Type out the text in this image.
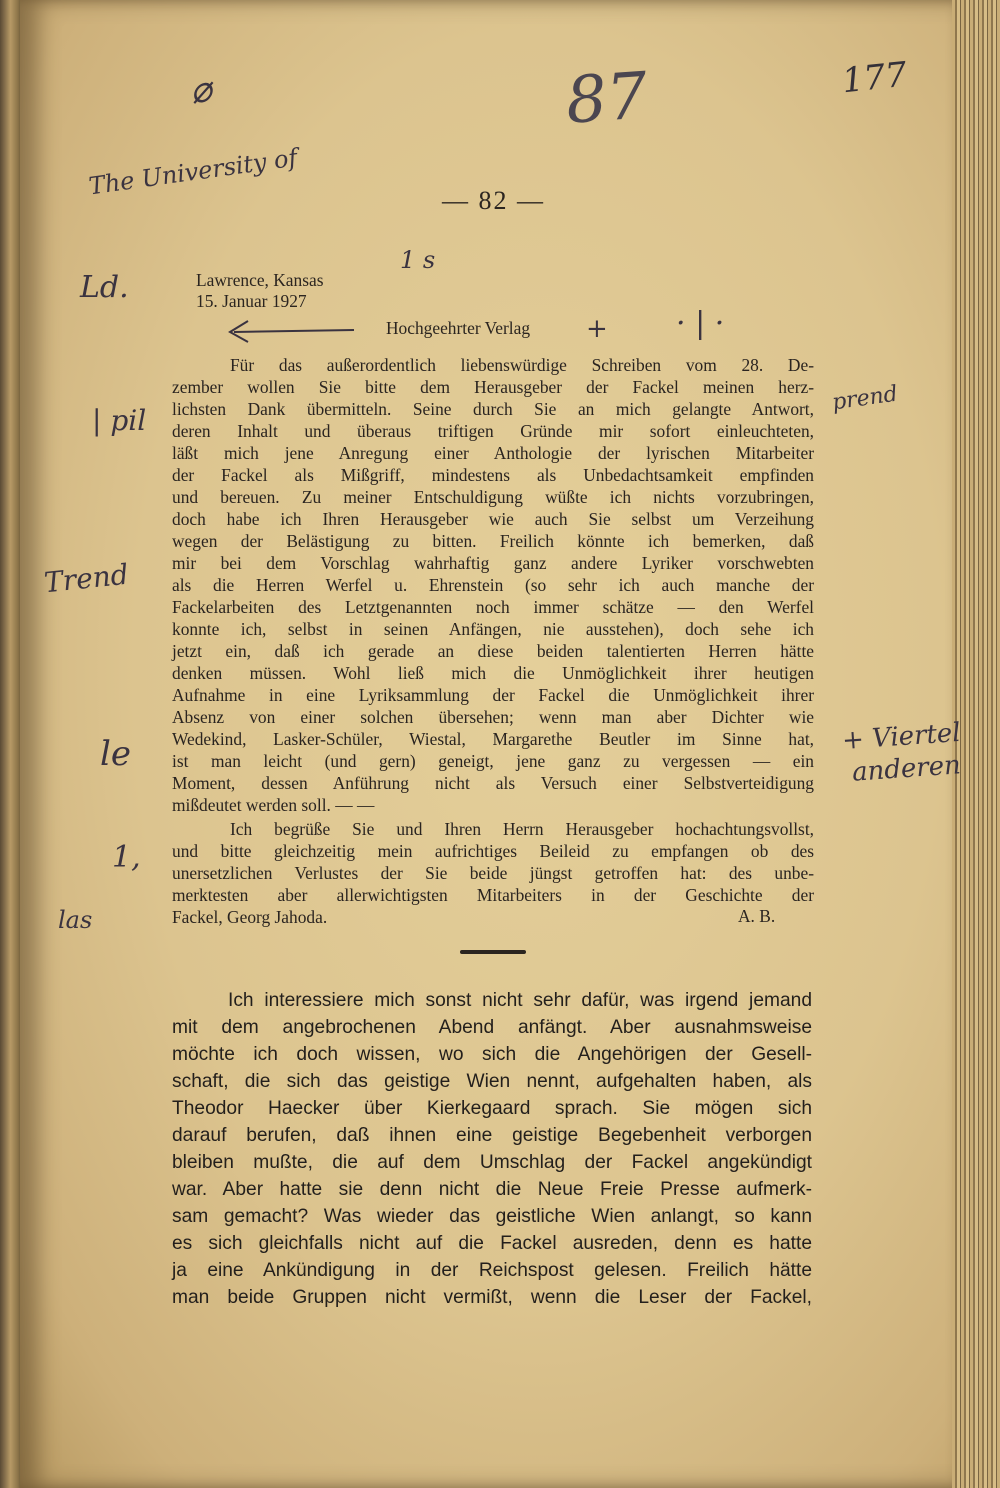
177
87
— 82 —
The University of
⌀
Ld.
1 s
| pil
Trend
le
1,
las
prend
+ Viertel
anderen
+ · | ·
Lawrence, Kansas
15. Januar 1927
Hochgeehrter Verlag
Für das außerordentlich liebenswürdige Schreiben vom 28. De-
zember wollen Sie bitte dem Herausgeber der Fackel meinen herz-
lichsten Dank übermitteln. Seine durch Sie an mich gelangte Antwort,
deren Inhalt und überaus triftigen Gründe mir sofort einleuchteten,
läßt mich jene Anregung einer Anthologie der lyrischen Mitarbeiter
der Fackel als Mißgriff, mindestens als Unbedachtsamkeit empfinden
und bereuen. Zu meiner Entschuldigung wüßte ich nichts vorzubringen,
doch habe ich Ihren Herausgeber wie auch Sie selbst um Verzeihung
wegen der Belästigung zu bitten. Freilich könnte ich bemerken, daß
mir bei dem Vorschlag wahrhaftig ganz andere Lyriker vorschwebten
als die Herren Werfel u. Ehrenstein (so sehr ich auch manche der
Fackelarbeiten des Letztgenannten noch immer schätze — den Werfel
konnte ich, selbst in seinen Anfängen, nie ausstehen), doch sehe ich
jetzt ein, daß ich gerade an diese beiden talentierten Herren hätte
denken müssen. Wohl ließ mich die Unmöglichkeit ihrer heutigen
Aufnahme in eine Lyriksammlung der Fackel die Unmöglichkeit ihrer
Absenz von einer solchen übersehen; wenn man aber Dichter wie
Wedekind, Lasker-Schüler, Wiestal, Margarethe Beutler im Sinne hat,
ist man leicht (und gern) geneigt, jene ganz zu vergessen — ein
Moment, dessen Anführung nicht als Versuch einer Selbstverteidigung
mißdeutet werden soll. — —
Ich begrüße Sie und Ihren Herrn Herausgeber hochachtungsvollst,
und bitte gleichzeitig mein aufrichtiges Beileid zu empfangen ob des
unersetzlichen Verlustes der Sie beide jüngst getroffen hat: des unbe-
merktesten aber allerwichtigsten Mitarbeiters in der Geschichte der
Fackel, Georg Jahoda.	A. B.
Ich interessiere mich sonst nicht sehr dafür, was irgend jemand
mit dem angebrochenen Abend anfängt. Aber ausnahmsweise
möchte ich doch wissen, wo sich die Angehörigen der Gesell-
schaft, die sich das geistige Wien nennt, aufgehalten haben, als
Theodor Haecker über Kierkegaard sprach. Sie mögen sich
darauf berufen, daß ihnen eine geistige Begebenheit verborgen
bleiben mußte, die auf dem Umschlag der Fackel angekündigt
war. Aber hatte sie denn nicht die Neue Freie Presse aufmerk-
sam gemacht? Was wieder das geistliche Wien anlangt, so kann
es sich gleichfalls nicht auf die Fackel ausreden, denn es hatte
ja eine Ankündigung in der Reichspost gelesen. Freilich hätte
man beide Gruppen nicht vermißt, wenn die Leser der Fackel,
